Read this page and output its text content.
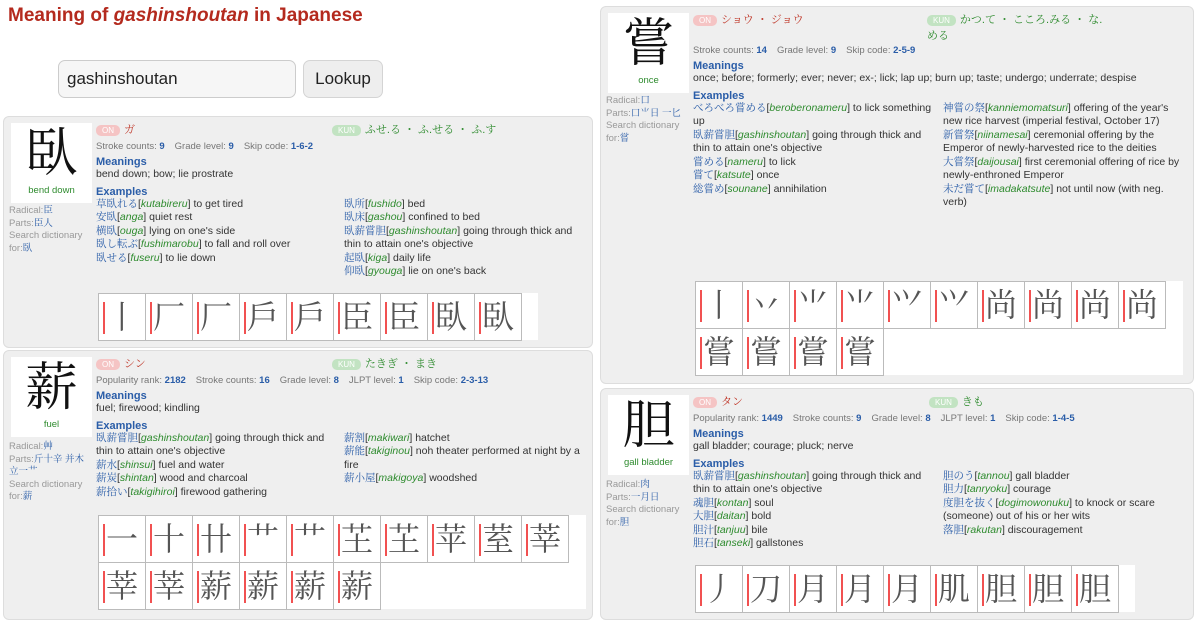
Meaning of gashinshoutan in Japanese
gashinshoutan	Lookup
臥
bend down
Radical:臣
Parts:臣人
Search dictionary for:臥

ON ガ	KUN ふせ.る ・ ふ.せる ・ ふ.す
Stroke counts: 9 Grade level: 9 Skip code: 1-6-2
Meanings
bend down; bow; lie prostrate
Examples
草臥れる[kutabireru] to get tired
安臥[anga] quiet rest
横臥[ouga] lying on one's side
臥し転ぶ[fushimarobu] to fall and roll over
臥せる[fuseru] to lie down
臥所[fushido] bed
臥床[gashou] confined to bed
臥薪嘗胆[gashinshoutan] going through thick and thin to attain one's objective
起臥[kiga] daily life
仰臥[gyouga] lie on one's back
丨 厂 厂 戶 戶 臣 臣 臥 臥
薪
fuel
Radical:艸
Parts:斤十辛 并木立一⺾
Search dictionary for:薪

ON シン	KUN たきぎ ・ まき
Popularity rank: 2182 Stroke counts: 16 Grade level: 8 JLPT level: 1 Skip code: 2-3-13
Meanings
fuel; firewood; kindling
Examples
臥薪嘗胆[gashinshoutan] going through thick and thin to attain one's objective
薪水[shinsui] fuel and water
薪炭[shintan] wood and charcoal
薪拾い[takigihiroi] firewood gathering
薪割[makiwari] hatchet
薪能[takiginou] noh theater performed at night by a fire
薪小屋[makigoya] woodshed
一 十 卄 艹 艹 芏 芏 苹 荎 莘
莘 莘 薪 薪 薪 薪
嘗
once
Radical:口
Parts:口⺌日 一匕
Search dictionary for:嘗

ON ショウ ・ ジョウ	KUN かつ.て ・ こころ.みる ・ な.める
Stroke counts: 14 Grade level: 9 Skip code: 2-5-9
Meanings
once; before; formerly; ever; never; ex-; lick; lap up; burn up; taste; undergo; underrate; despise
Examples
べろべろ嘗める[beroberonameru] to lick something up
臥薪嘗胆[gashinshoutan] going through thick and thin to attain one's objective
嘗める[nameru] to lick
嘗て[katsute] once
総嘗め[sounane] annihilation
神嘗の祭[kanniemomatsuri] offering of the year's new rice harvest (imperial festival, October 17)
新嘗祭[niinamesai] ceremonial offering by the Emperor of newly-harvested rice to the deities
大嘗祭[daijousai] first ceremonial offering of rice by newly-enthroned Emperor
未だ嘗て[imadakatsute] not until now (with neg. verb)
丨 丷 ⺌ ⺌ ⺍ ⺍ 尚 尚 尚 尚
嘗 嘗 嘗 嘗
胆
gall bladder
Radical:肉
Parts:一月日
Search dictionary for:胆

ON タン	KUN きも
Popularity rank: 1449 Stroke counts: 9 Grade level: 8 JLPT level: 1 Skip code: 1-4-5
Meanings
gall bladder; courage; pluck; nerve
Examples
臥薪嘗胆[gashinshoutan] going through thick and thin to attain one's objective
魂胆[kontan] soul
大胆[daitan] bold
胆汁[tanjuu] bile
胆石[tanseki] gallstones
胆のう[tannou] gall bladder
胆力[tanryoku] courage
度胆を抜く[dogimowonuku] to knock or scare (someone) out of his or her wits
落胆[rakutan] discouragement
丿 刀 月 月 月 肌 胆 胆 胆
